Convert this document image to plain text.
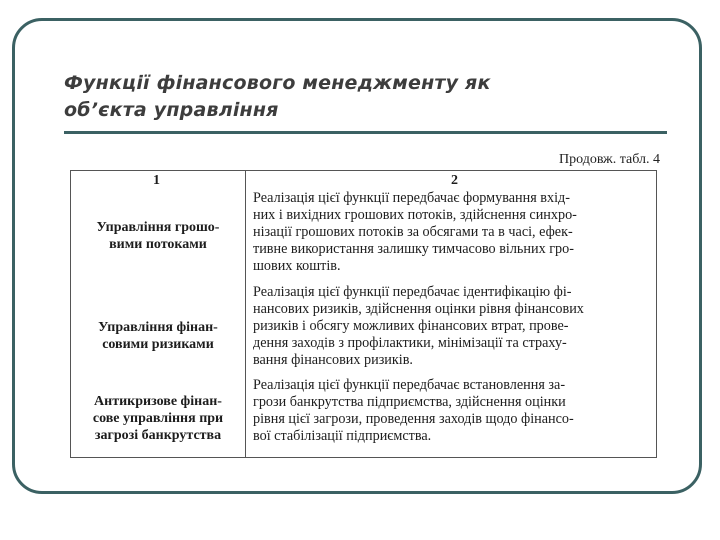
Функції фінансового менеджменту як
об’єкта управління
Продовж. табл. 4
1	2
Управління грошо-
вими потоками
Реалізація цієї функції передбачає формування вхід-
них і вихідних грошових потоків, здійснення синхро-
нізації грошових потоків за обсягами та в часі, ефек-
тивне використання залишку тимчасово вільних гро-
шових коштів.
Управління фінан-
совими ризиками
Реалізація цієї функції передбачає ідентифікацію фі-
нансових ризиків, здійснення оцінки рівня фінансових
ризиків і обсягу можливих фінансових втрат, прове-
дення заходів з профілактики, мінімізації та страху-
вання фінансових ризиків.
Антикризове фінан-
сове управління при
загрозі банкрутства
Реалізація цієї функції передбачає встановлення за-
грози банкрутства підприємства, здійснення оцінки
рівня цієї загрози, проведення заходів щодо фінансо-
вої стабілізації підприємства.
